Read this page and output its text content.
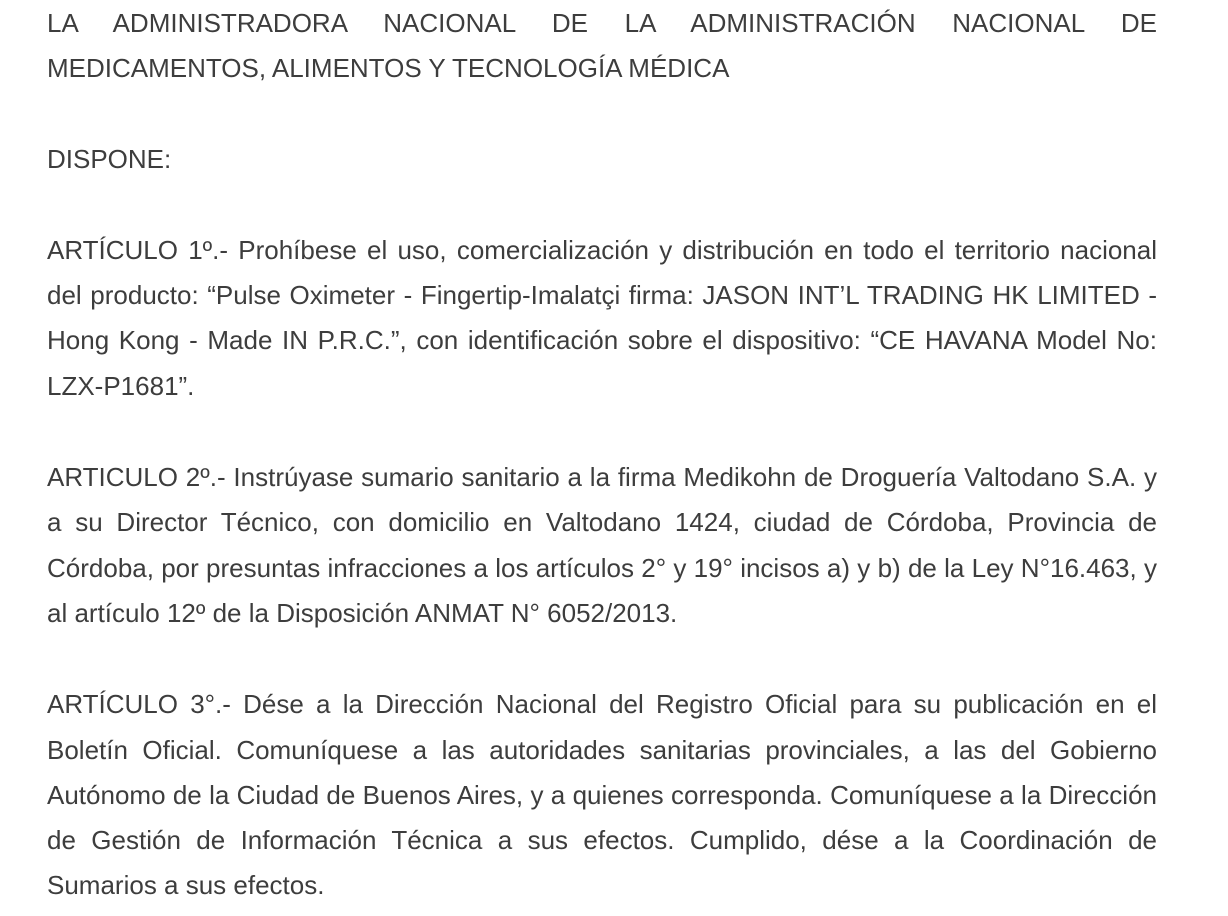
LA ADMINISTRADORA NACIONAL DE LA ADMINISTRACIÓN NACIONAL DE MEDICAMENTOS, ALIMENTOS Y TECNOLOGÍA MÉDICA

DISPONE:

ARTÍCULO 1º.- Prohíbese el uso, comercialización y distribución en todo el territorio nacional del producto: “Pulse Oximeter - Fingertip-Imalatçi firma: JASON INT’L TRADING HK LIMITED - Hong Kong - Made IN P.R.C.”, con identificación sobre el dispositivo: “CE HAVANA Model No: LZX-P1681”.

ARTICULO 2º.- Instrúyase sumario sanitario a la firma Medikohn de Droguería Valtodano S.A. y a su Director Técnico, con domicilio en Valtodano 1424, ciudad de Córdoba, Provincia de Córdoba, por presuntas infracciones a los artículos 2° y 19° incisos a) y b) de la Ley N°16.463, y al artículo 12º de la Disposición ANMAT N° 6052/2013.

ARTÍCULO 3°.- Dése a la Dirección Nacional del Registro Oficial para su publicación en el Boletín Oficial. Comuníquese a las autoridades sanitarias provinciales, a las del Gobierno Autónomo de la Ciudad de Buenos Aires, y a quienes corresponda. Comuníquese a la Dirección de Gestión de Información Técnica a sus efectos. Cumplido, dése a la Coordinación de Sumarios a sus efectos.
